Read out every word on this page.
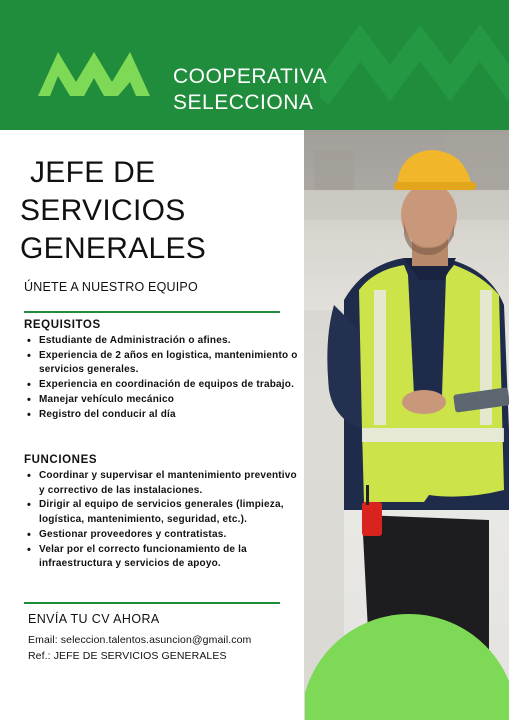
COOPERATIVA
SELECCIONA
JEFE DE
SERVICIOS
GENERALES
ÚNETE A NUESTRO EQUIPO
REQUISITOS
• Estudiante de Administración o afines.
• Experiencia de 2 años en logistica, mantenimiento o servicios generales.
• Experiencia en coordinación de equipos de trabajo.
• Manejar vehículo mecánico
• Registro del conducir al día
FUNCIONES
• Coordinar y supervisar el mantenimiento preventivo y correctivo de las instalaciones.
• Dirigir al equipo de servicios generales (limpieza, logística, mantenimiento, seguridad, etc.).
• Gestionar proveedores y contratistas.
• Velar por el correcto funcionamiento de la infraestructura y servicios de apoyo.
ENVÍA TU CV AHORA
Email: seleccion.talentos.asuncion@gmail.com
Ref.: JEFE DE SERVICIOS GENERALES
